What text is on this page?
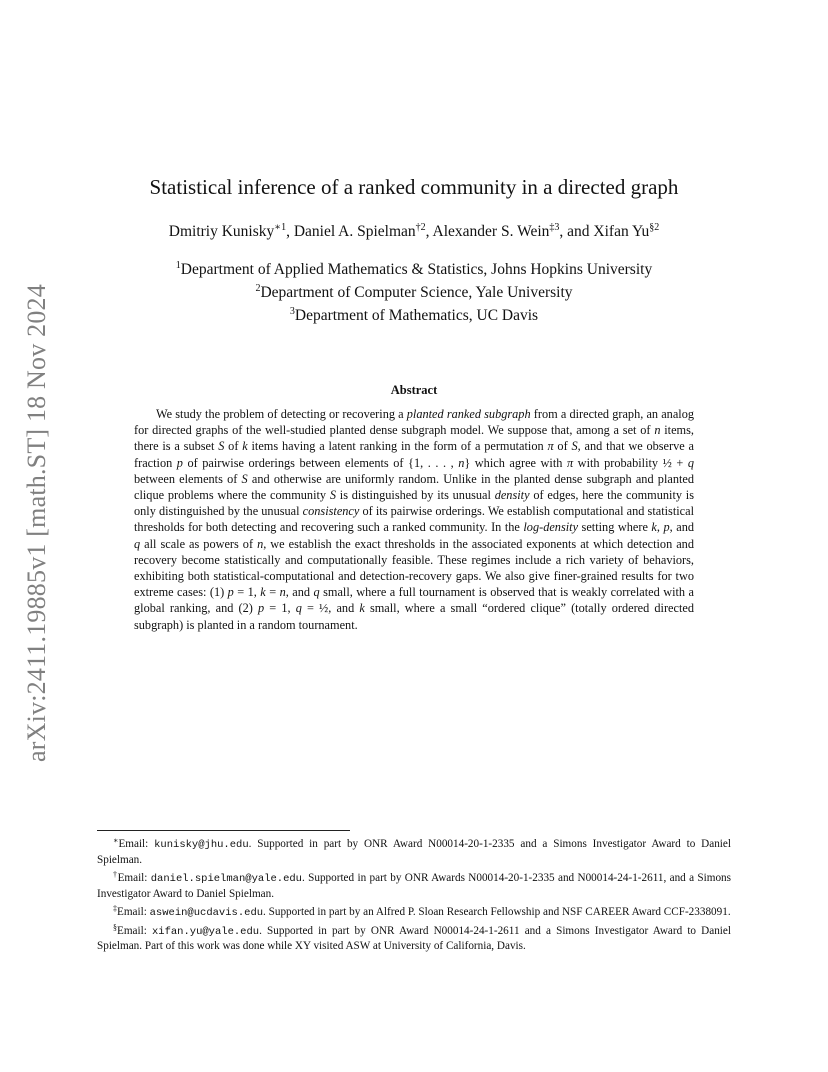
arXiv:2411.19885v1 [math.ST] 18 Nov 2024
Statistical inference of a ranked community in a directed graph
Dmitriy Kunisky$^{∗1}$, Daniel A. Spielman$^{\dagger 2}$, Alexander S. Wein$^{\ddagger 3}$, and Xifan Yu$^{\S 2}$
$^1$Department of Applied Mathematics & Statistics, Johns Hopkins University
$^2$Department of Computer Science, Yale University
$^3$Department of Mathematics, UC Davis
Abstract
We study the problem of detecting or recovering a planted ranked subgraph from a directed graph, an analog for directed graphs of the well-studied planted dense subgraph model. We suppose that, among a set of n items, there is a subset S of k items having a latent ranking in the form of a permutation π of S, and that we observe a fraction p of pairwise orderings between elements of {1, . . . , n} which agree with π with probability ½ + q between elements of S and otherwise are uniformly random. Unlike in the planted dense subgraph and planted clique problems where the community S is distinguished by its unusual density of edges, here the community is only distinguished by the unusual consistency of its pairwise orderings. We establish computational and statistical thresholds for both detecting and recovering such a ranked community. In the log-density setting where k, p, and q all scale as powers of n, we establish the exact thresholds in the associated exponents at which detection and recovery become statistically and computationally feasible. These regimes include a rich variety of behaviors, exhibiting both statistical-computational and detection-recovery gaps. We also give finer-grained results for two extreme cases: (1) p = 1, k = n, and q small, where a full tournament is observed that is weakly correlated with a global ranking, and (2) p = 1, q = ½, and k small, where a small “ordered clique” (totally ordered directed subgraph) is planted in a random tournament.

∗Email: kunisky@jhu.edu. Supported in part by ONR Award N00014-20-1-2335 and a Simons Investigator Award to Daniel Spielman.

†Email: daniel.spielman@yale.edu. Supported in part by ONR Awards N00014-20-1-2335 and N00014-24-1-2611, and a Simons Investigator Award to Daniel Spielman.

‡Email: aswein@ucdavis.edu. Supported in part by an Alfred P. Sloan Research Fellowship and NSF CAREER Award CCF-2338091.

§Email: xifan.yu@yale.edu. Supported in part by ONR Award N00014-24-1-2611 and a Simons Investigator Award to Daniel Spielman. Part of this work was done while XY visited ASW at University of California, Davis.
